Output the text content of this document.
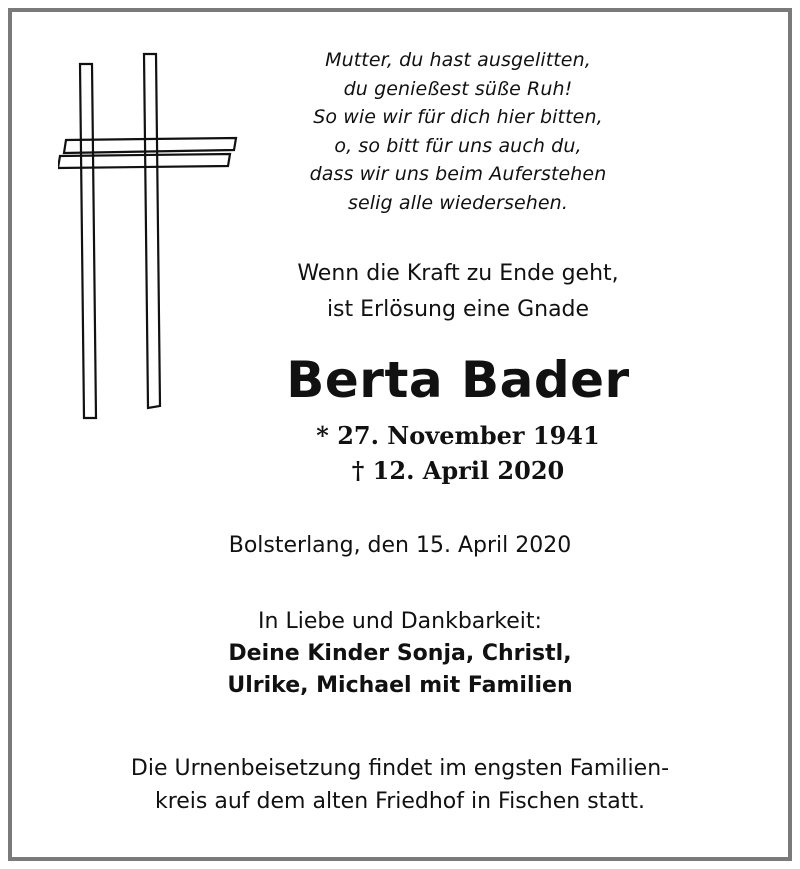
Mutter, du hast ausgelitten,
du genießest süße Ruh!
So wie wir für dich hier bitten,
o, so bitt für uns auch du,
dass wir uns beim Auferstehen
selig alle wiedersehen.
Wenn die Kraft zu Ende geht,
ist Erlösung eine Gnade
Berta Bader
* 27. November 1941
† 12. April 2020
Bolsterlang, den 15. April 2020
In Liebe und Dankbarkeit:
Deine Kinder Sonja, Christl,
Ulrike, Michael mit Familien
Die Urnenbeisetzung findet im engsten Familien-
kreis auf dem alten Friedhof in Fischen statt.
